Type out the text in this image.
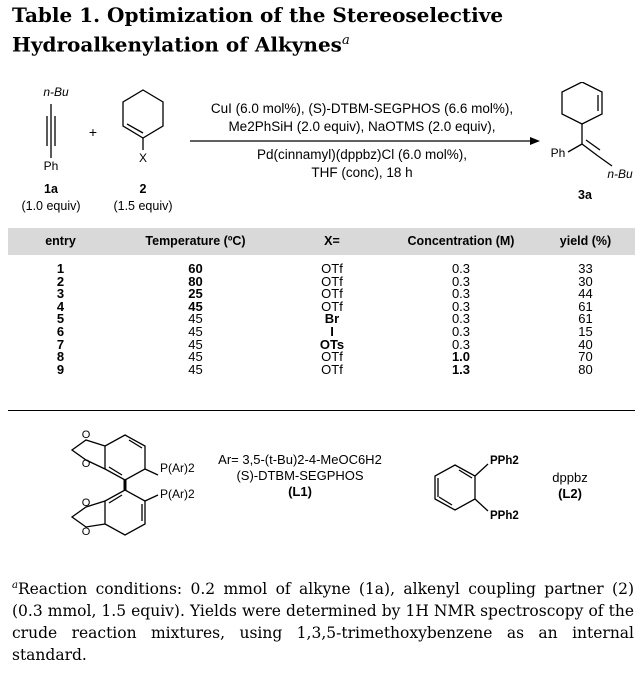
Table 1. Optimization of the Stereoselective Hydroalkenylation of Alkynes$^a$
n-Bu
Ph
+
X	Ph
n-Bu
CuI (6.0 mol%), (S)-DTBM-SEGPHOS (6.6 mol%),
Me2PhSiH (2.0 equiv), NaOTMS (2.0 equiv),
Pd(cinnamyl)(dppbz)Cl (6.0 mol%),
THF (conc), 18 h
1a
(1.0 equiv)
2
(1.5 equiv)
3a
entry	Temperature (ºC)	X=	Concentration (M)	yield (%)
1	60	OTf	0.3	33
2	80	OTf	0.3	30
3	25	OTf	0.3	44
4	45	OTf	0.3	61
5	45	Br	0.3	61
6	45	I	0.3	15
7	45	OTs	0.3	40
8	45	OTf	1.0	70
9	45	OTf	1.3	80
O
O
O
O
P(Ar)2
P(Ar)2
PPh2
PPh2
Ar= 3,5-(t-Bu)2-4-MeOC6H2
(S)-DTBM-SEGPHOS
(L1)
dppbz
(L2)
$^a$Reaction conditions: 0.2 mmol of alkyne (1a), alkenyl coupling partner (2) (0.3 mmol, 1.5 equiv). Yields were determined by 1H NMR spectroscopy of the crude reaction mixtures, using 1,3,5-trimethoxybenzene as an internal standard.
